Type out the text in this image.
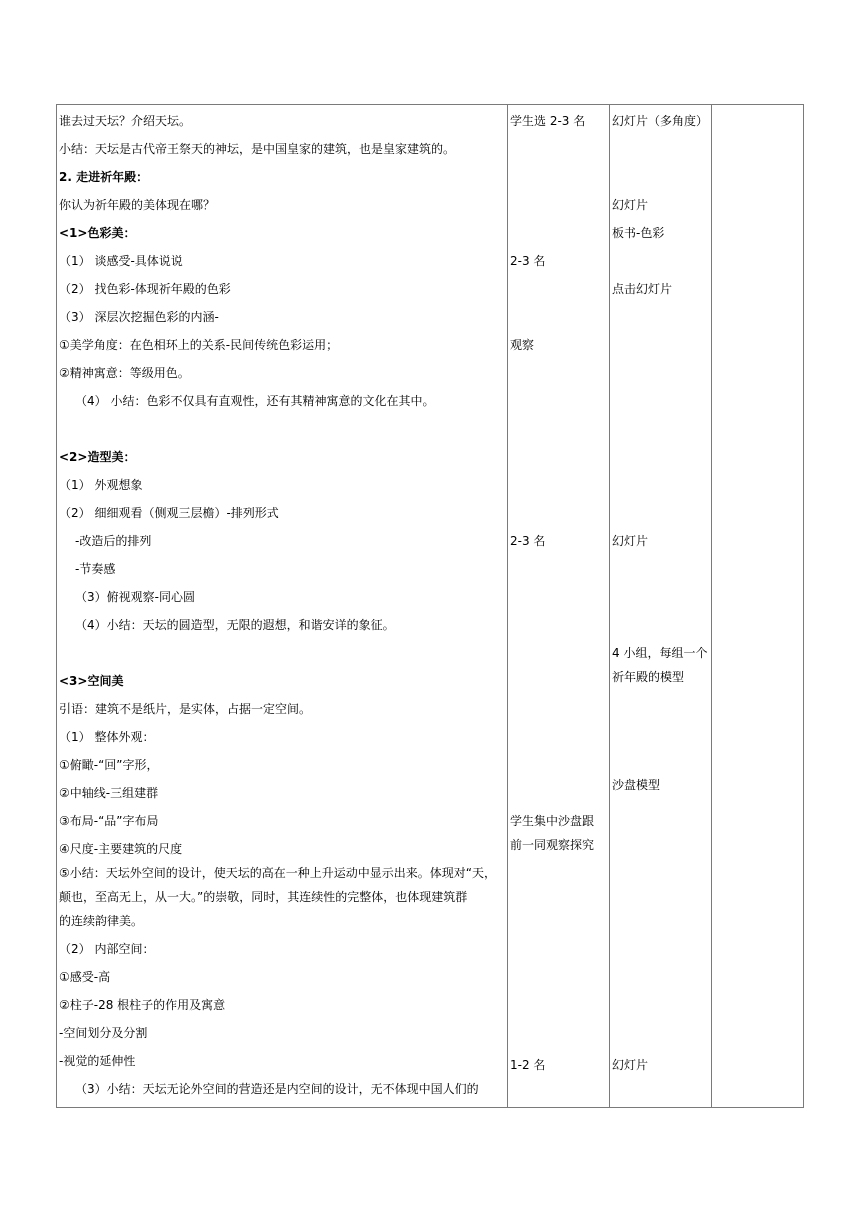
谁去过天坛？介绍天坛。
小结：天坛是古代帝王祭天的神坛，是中国皇家的建筑，也是皇家建筑的。
2. 走进祈年殿：
你认为祈年殿的美体现在哪？
<1>色彩美：
（1） 谈感受-具体说说
（2） 找色彩-体现祈年殿的色彩
（3） 深层次挖掘色彩的内涵-
①美学角度：在色相环上的关系-民间传统色彩运用；
②精神寓意：等级用色。
（4） 小结：色彩不仅具有直观性，还有其精神寓意的文化在其中。
<2>造型美：
（1） 外观想象
（2） 细细观看（侧观三层檐）-排列形式
-改造后的排列
-节奏感
（3）俯视观察-同心圆
（4）小结：天坛的圆造型，无限的遐想，和谐安详的象征。
<3>空间美
引语：建筑不是纸片，是实体，占据一定空间。
（1） 整体外观：
①俯瞰-“回”字形，
②中轴线-三组建群
③布局-“品”字布局
④尺度-主要建筑的尺度
⑤小结：天坛外空间的设计，使天坛的高在一种上升运动中显示出来。体现对“天，
颠也，至高无上，从一大。”的崇敬，同时，其连续性的完整体，也体现建筑群
的连续韵律美。
（2） 内部空间：
①感受-高
②柱子-28 根柱子的作用及寓意
-空间划分及分割
-视觉的延伸性
（3）小结：天坛无论外空间的营造还是内空间的设计，无不体现中国人们的
学生选 2-3 名
2-3 名
观察
2-3 名
学生集中沙盘跟
前一同观察探究
1-2 名
幻灯片（多角度）
幻灯片
板书-色彩
点击幻灯片
幻灯片
4 小组，每组一个
祈年殿的模型
沙盘模型
幻灯片
